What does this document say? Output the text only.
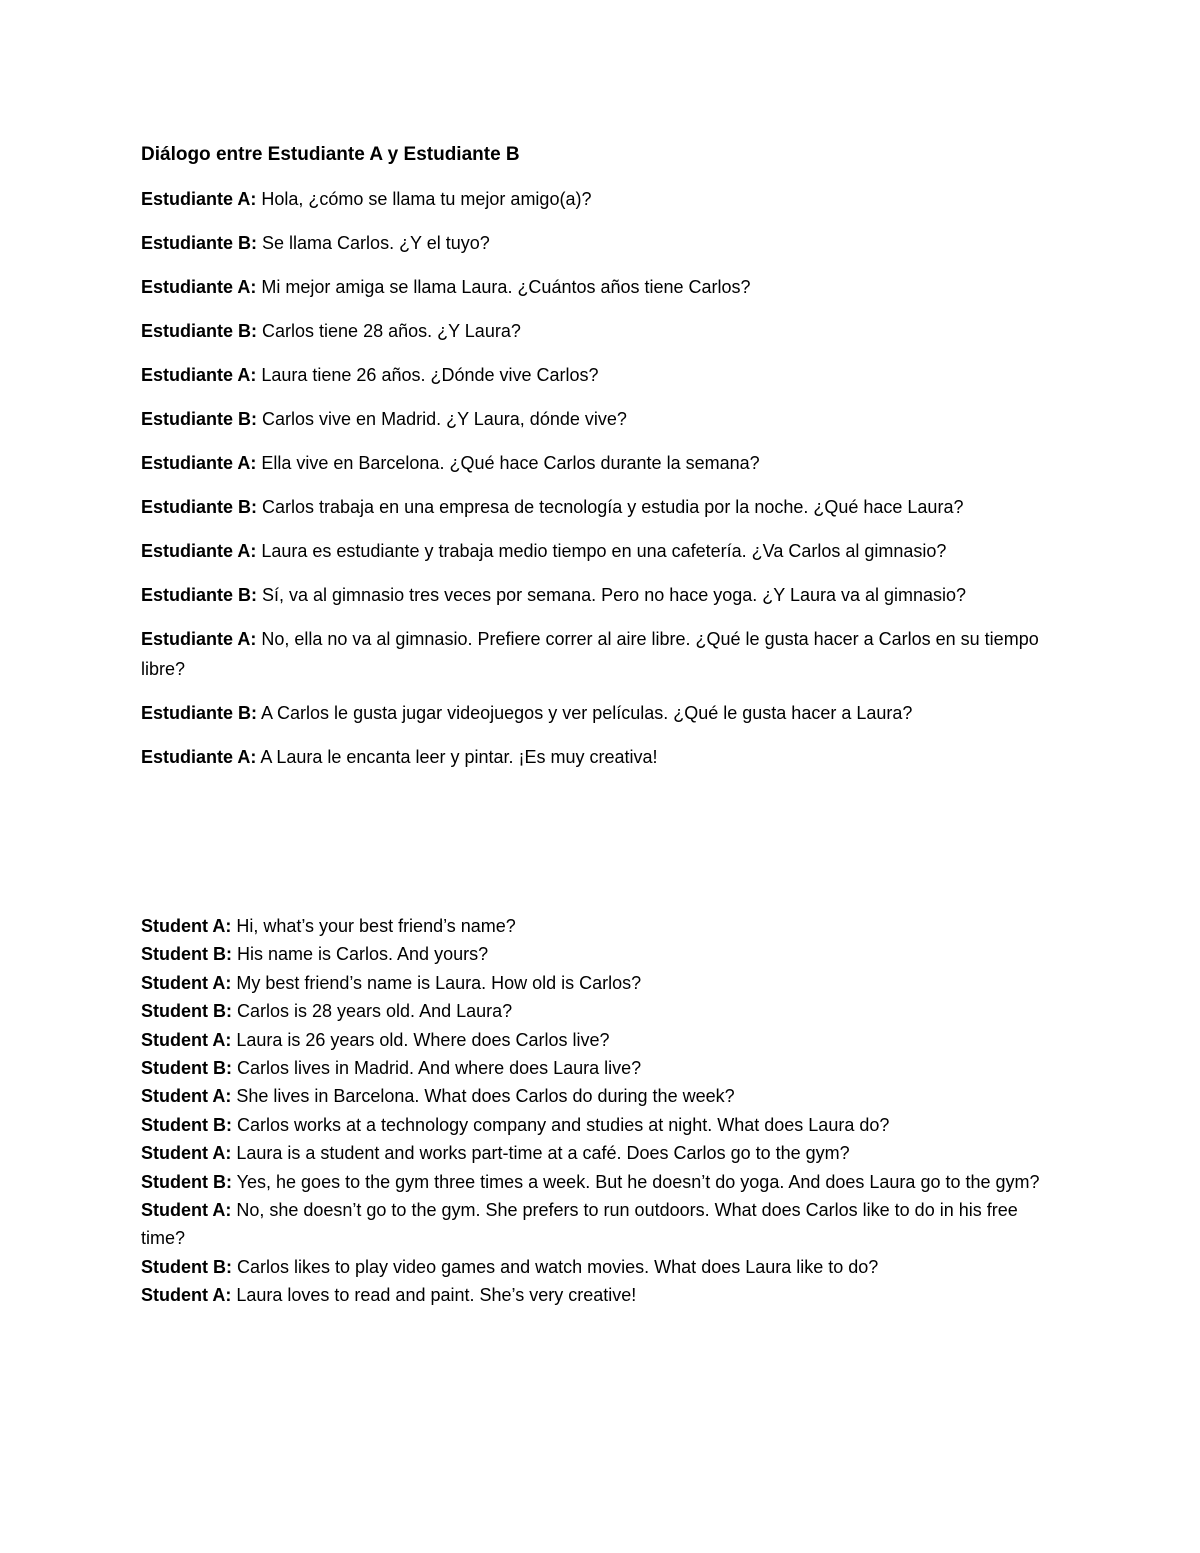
Diálogo entre Estudiante A y Estudiante B

Estudiante A: Hola, ¿cómo se llama tu mejor amigo(a)?

Estudiante B: Se llama Carlos. ¿Y el tuyo?

Estudiante A: Mi mejor amiga se llama Laura. ¿Cuántos años tiene Carlos?

Estudiante B: Carlos tiene 28 años. ¿Y Laura?

Estudiante A: Laura tiene 26 años. ¿Dónde vive Carlos?

Estudiante B: Carlos vive en Madrid. ¿Y Laura, dónde vive?

Estudiante A: Ella vive en Barcelona. ¿Qué hace Carlos durante la semana?

Estudiante B: Carlos trabaja en una empresa de tecnología y estudia por la noche. ¿Qué hace Laura?

Estudiante A: Laura es estudiante y trabaja medio tiempo en una cafetería. ¿Va Carlos al gimnasio?

Estudiante B: Sí, va al gimnasio tres veces por semana. Pero no hace yoga. ¿Y Laura va al gimnasio?

Estudiante A: No, ella no va al gimnasio. Prefiere correr al aire libre. ¿Qué le gusta hacer a Carlos en su tiempo libre?

Estudiante B: A Carlos le gusta jugar videojuegos y ver películas. ¿Qué le gusta hacer a Laura?

Estudiante A: A Laura le encanta leer y pintar. ¡Es muy creativa!

Student A: Hi, what’s your best friend’s name?

Student B: His name is Carlos. And yours?

Student A: My best friend’s name is Laura. How old is Carlos?

Student B: Carlos is 28 years old. And Laura?

Student A: Laura is 26 years old. Where does Carlos live?

Student B: Carlos lives in Madrid. And where does Laura live?

Student A: She lives in Barcelona. What does Carlos do during the week?

Student B: Carlos works at a technology company and studies at night. What does Laura do?

Student A: Laura is a student and works part-time at a café. Does Carlos go to the gym?

Student B: Yes, he goes to the gym three times a week. But he doesn’t do yoga. And does Laura go to the gym?

Student A: No, she doesn’t go to the gym. She prefers to run outdoors. What does Carlos like to do in his free time?

Student B: Carlos likes to play video games and watch movies. What does Laura like to do?

Student A: Laura loves to read and paint. She’s very creative!
